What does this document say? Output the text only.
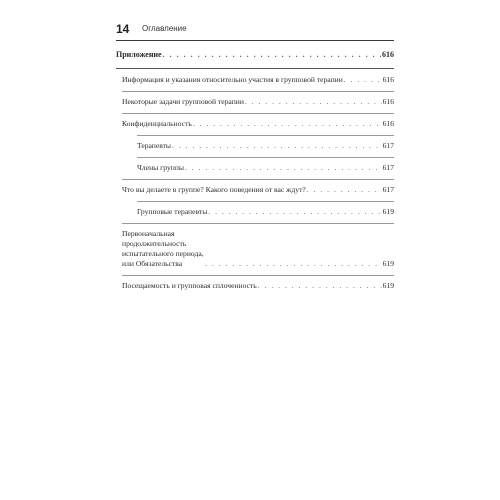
14 Оглавление
Приложение . . .	616
Информация и указания относительно участия в групповой терапии . . .	616
Некоторые задачи групповой терапии . . .	616
Конфиденциальность . . .	616
Терапевты . . .	617
Члены группы . . .	617
Что вы делаете в группе? Какого поведения от вас ждут? . . .	617
Групповые терапевты . . .	619
Первоначальная продолжительность испытательного периода, или Обязательства . . .	619
Посещаемость и групповая сплоченность . . .	619
